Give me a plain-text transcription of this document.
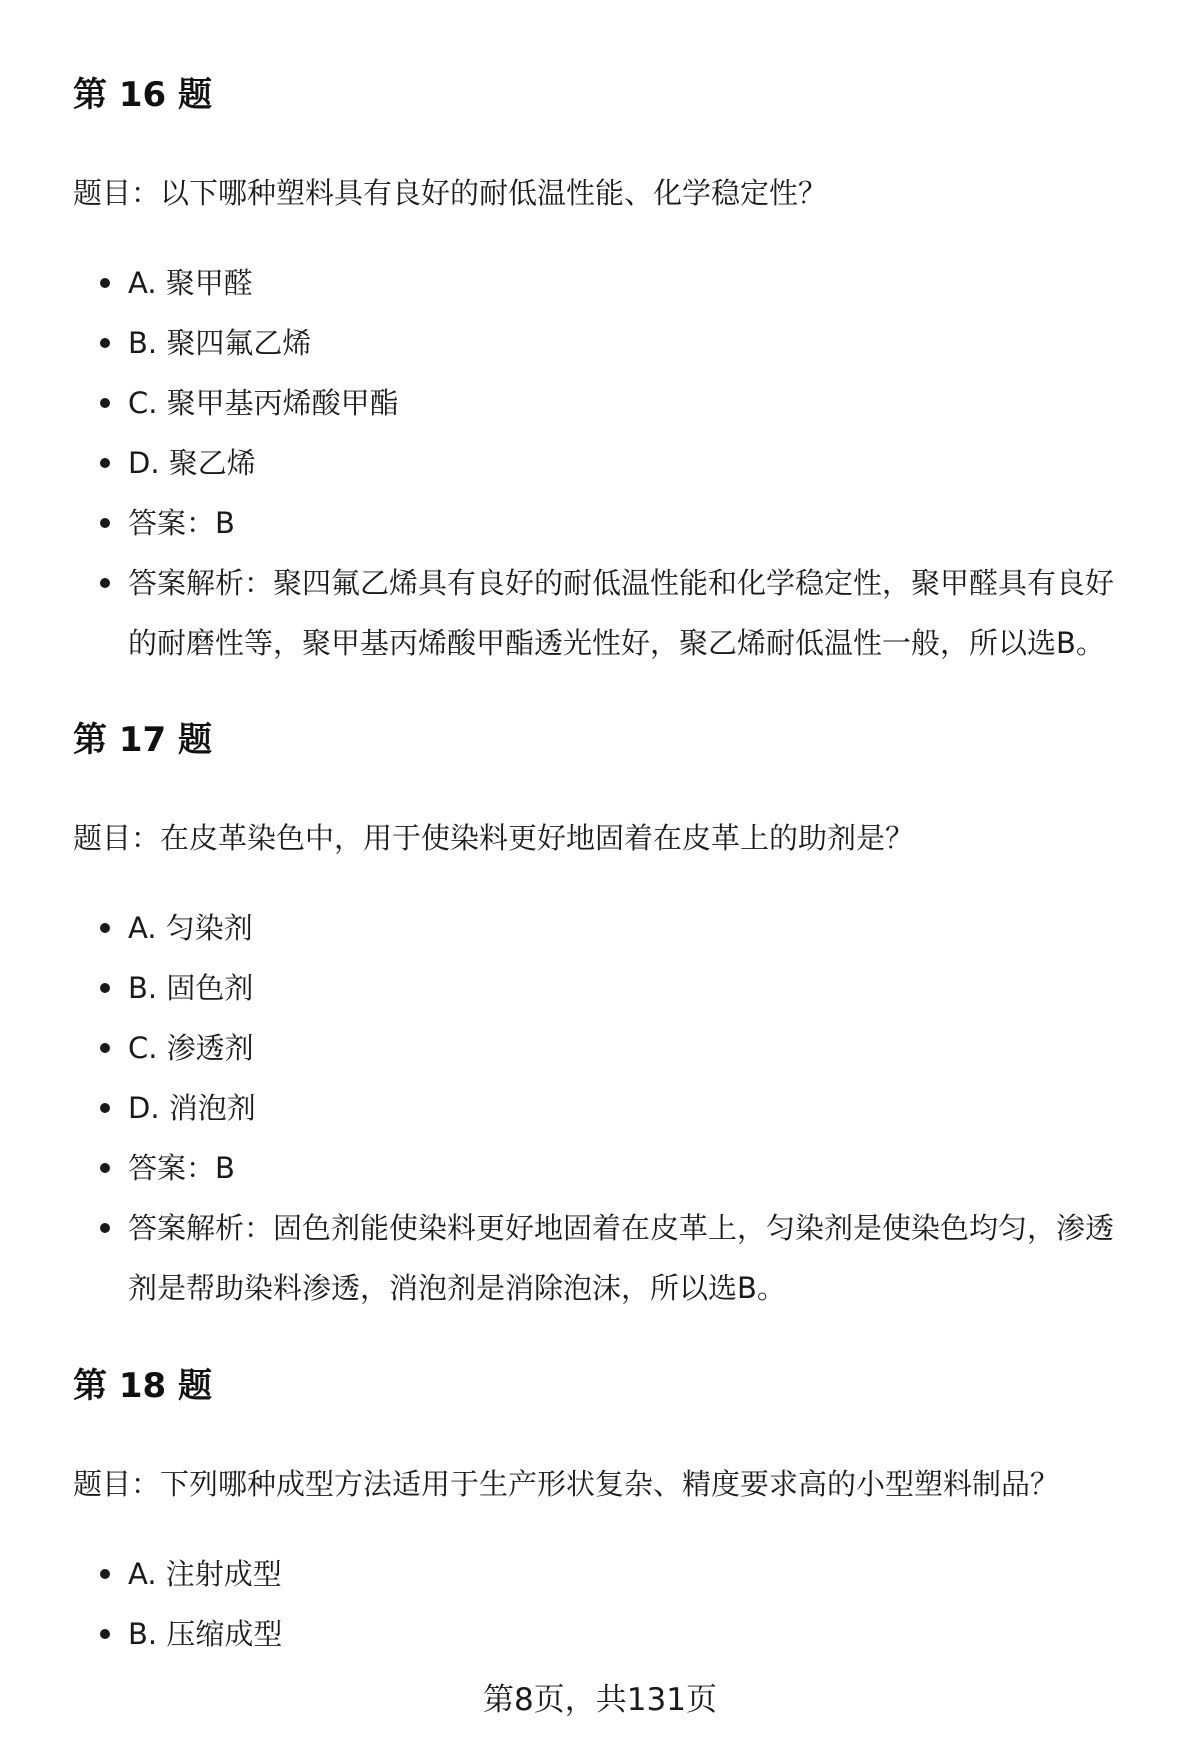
第 16 题

题目：以下哪种塑料具有良好的耐低温性能、化学稳定性？

A. 聚甲醛
B. 聚四氟乙烯
C. 聚甲基丙烯酸甲酯
D. 聚乙烯
答案：B
答案解析：聚四氟乙烯具有良好的耐低温性能和化学稳定性，聚甲醛具有良好
的耐磨性等，聚甲基丙烯酸甲酯透光性好，聚乙烯耐低温性一般，所以选B。
第 17 题

题目：在皮革染色中，用于使染料更好地固着在皮革上的助剂是？

A. 匀染剂
B. 固色剂
C. 渗透剂
D. 消泡剂
答案：B
答案解析：固色剂能使染料更好地固着在皮革上，匀染剂是使染色均匀，渗透
剂是帮助染料渗透，消泡剂是消除泡沫，所以选B。
第 18 题

题目：下列哪种成型方法适用于生产形状复杂、精度要求高的小型塑料制品？

A. 注射成型
B. 压缩成型
第8页，共131页
